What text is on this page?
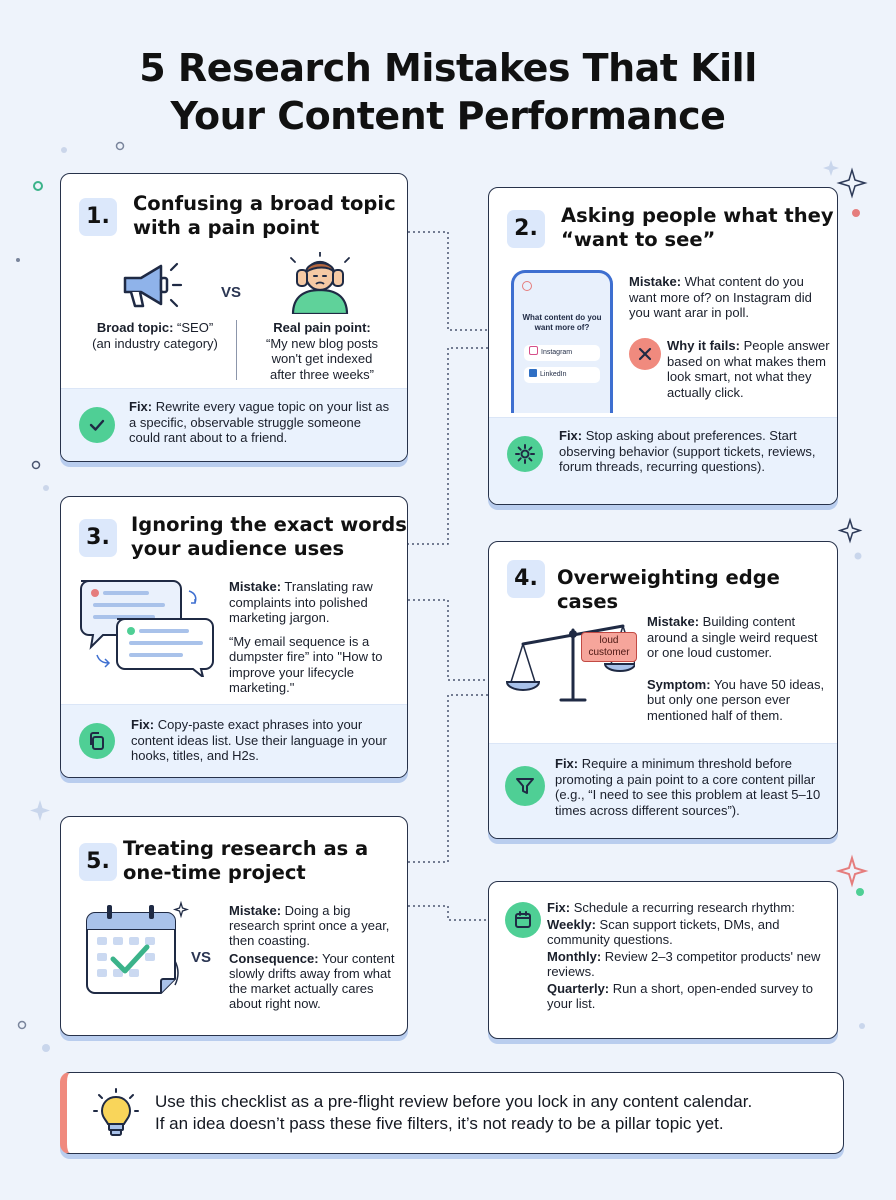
5 Research Mistakes That Kill
Your Content Performance
1.
Confusing a broad topic
with a pain point
VS
Broad topic: “SEO”
(an industry category)
Real pain point:
“My new blog posts
won't get indexed
after three weeks”
Fix: Rewrite every vague topic on your list as a specific, observable struggle someone could rant about to a friend.
2.
Asking people what they
“want to see”
What content do you want more of?
Instagram
LinkedIn
Mistake: What content do you want more of? on Instagram did you want arar in poll.
Why it fails: People answer based on what makes them look smart, not what they actually click.
Fix: Stop asking about preferences. Start observing behavior (support tickets, reviews, forum threads, recurring questions).
3.
Ignoring the exact words
your audience uses
Mistake: Translating raw complaints into polished marketing jargon.
“My email sequence is a dumpster fire” into "How to improve your lifecycle marketing."
Fix: Copy-paste exact phrases into your content ideas list. Use their language in your hooks, titles, and H2s.
4. Overweighting edge cases
loud
customer
Mistake: Building content around a single weird request or one loud customer.
Symptom: You have 50 ideas, but only one person ever mentioned half of them.
Fix: Require a minimum threshold before promoting a pain point to a core content pillar (e.g., “I need to see this problem at least 5–10 times across different sources”).
5.
Treating research as a
one-time project
VS
Mistake: Doing a big research sprint once a year, then coasting.
Consequence: Your content slowly drifts away from what the market actually cares about right now.
Fix: Schedule a recurring research rhythm:
Weekly: Scan support tickets, DMs, and community questions.
Monthly: Review 2–3 competitor products' new reviews.
Quarterly: Run a short, open-ended survey to your list.
Use this checklist as a pre-flight review before you lock in any content calendar.
If an idea doesn’t pass these five filters, it’s not ready to be a pillar topic yet.
